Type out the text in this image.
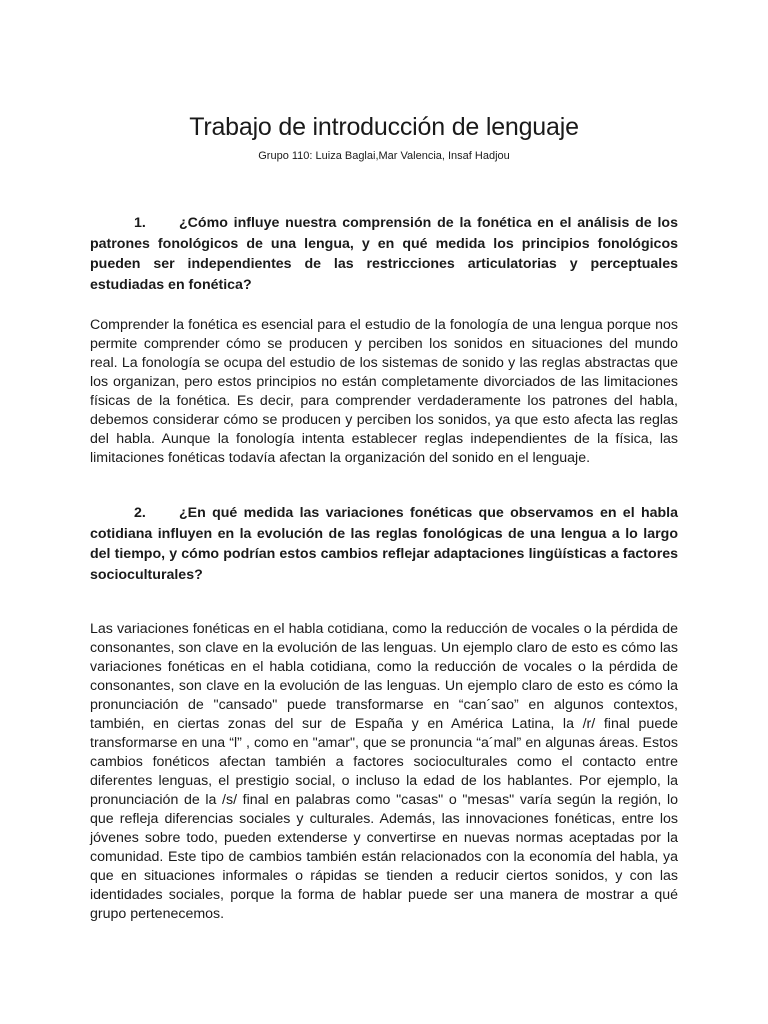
Trabajo de introducción de lenguaje

Grupo 110: Luiza Baglai,Mar Valencia, Insaf Hadjou

1. ¿Cómo influye nuestra comprensión de la fonética en el análisis de los patrones fonológicos de una lengua, y en qué medida los principios fonológicos pueden ser independientes de las restricciones articulatorias y perceptuales estudiadas en fonética?

Comprender la fonética es esencial para el estudio de la fonología de una lengua porque nos permite comprender cómo se producen y perciben los sonidos en situaciones del mundo real. La fonología se ocupa del estudio de los sistemas de sonido y las reglas abstractas que los organizan, pero estos principios no están completamente divorciados de las limitaciones físicas de la fonética. Es decir, para comprender verdaderamente los patrones del habla, debemos considerar cómo se producen y perciben los sonidos, ya que esto afecta las reglas del habla. Aunque la fonología intenta establecer reglas independientes de la física, las limitaciones fonéticas todavía afectan la organización del sonido en el lenguaje.

2. ¿En qué medida las variaciones fonéticas que observamos en el habla cotidiana influyen en la evolución de las reglas fonológicas de una lengua a lo largo del tiempo, y cómo podrían estos cambios reflejar adaptaciones lingüísticas a factores socioculturales?

Las variaciones fonéticas en el habla cotidiana, como la reducción de vocales o la pérdida de consonantes, son clave en la evolución de las lenguas. Un ejemplo claro de esto es cómo las variaciones fonéticas en el habla cotidiana, como la reducción de vocales o la pérdida de consonantes, son clave en la evolución de las lenguas. Un ejemplo claro de esto es cómo la pronunciación de "cansado" puede transformarse en “can´sao” en algunos contextos, también, en ciertas zonas del sur de España y en América Latina, la /r/ final puede transformarse en una “l” , como en "amar", que se pronuncia “a´mal” en algunas áreas. Estos cambios fonéticos afectan también a factores socioculturales como el contacto entre diferentes lenguas, el prestigio social, o incluso la edad de los hablantes. Por ejemplo, la pronunciación de la /s/ final en palabras como "casas" o "mesas" varía según la región, lo que refleja diferencias sociales y culturales. Además, las innovaciones fonéticas, entre los jóvenes sobre todo, pueden extenderse y convertirse en nuevas normas aceptadas por la comunidad. Este tipo de cambios también están relacionados con la economía del habla, ya que en situaciones informales o rápidas se tienden a reducir ciertos sonidos, y con las identidades sociales, porque la forma de hablar puede ser una manera de mostrar a qué grupo pertenecemos.
